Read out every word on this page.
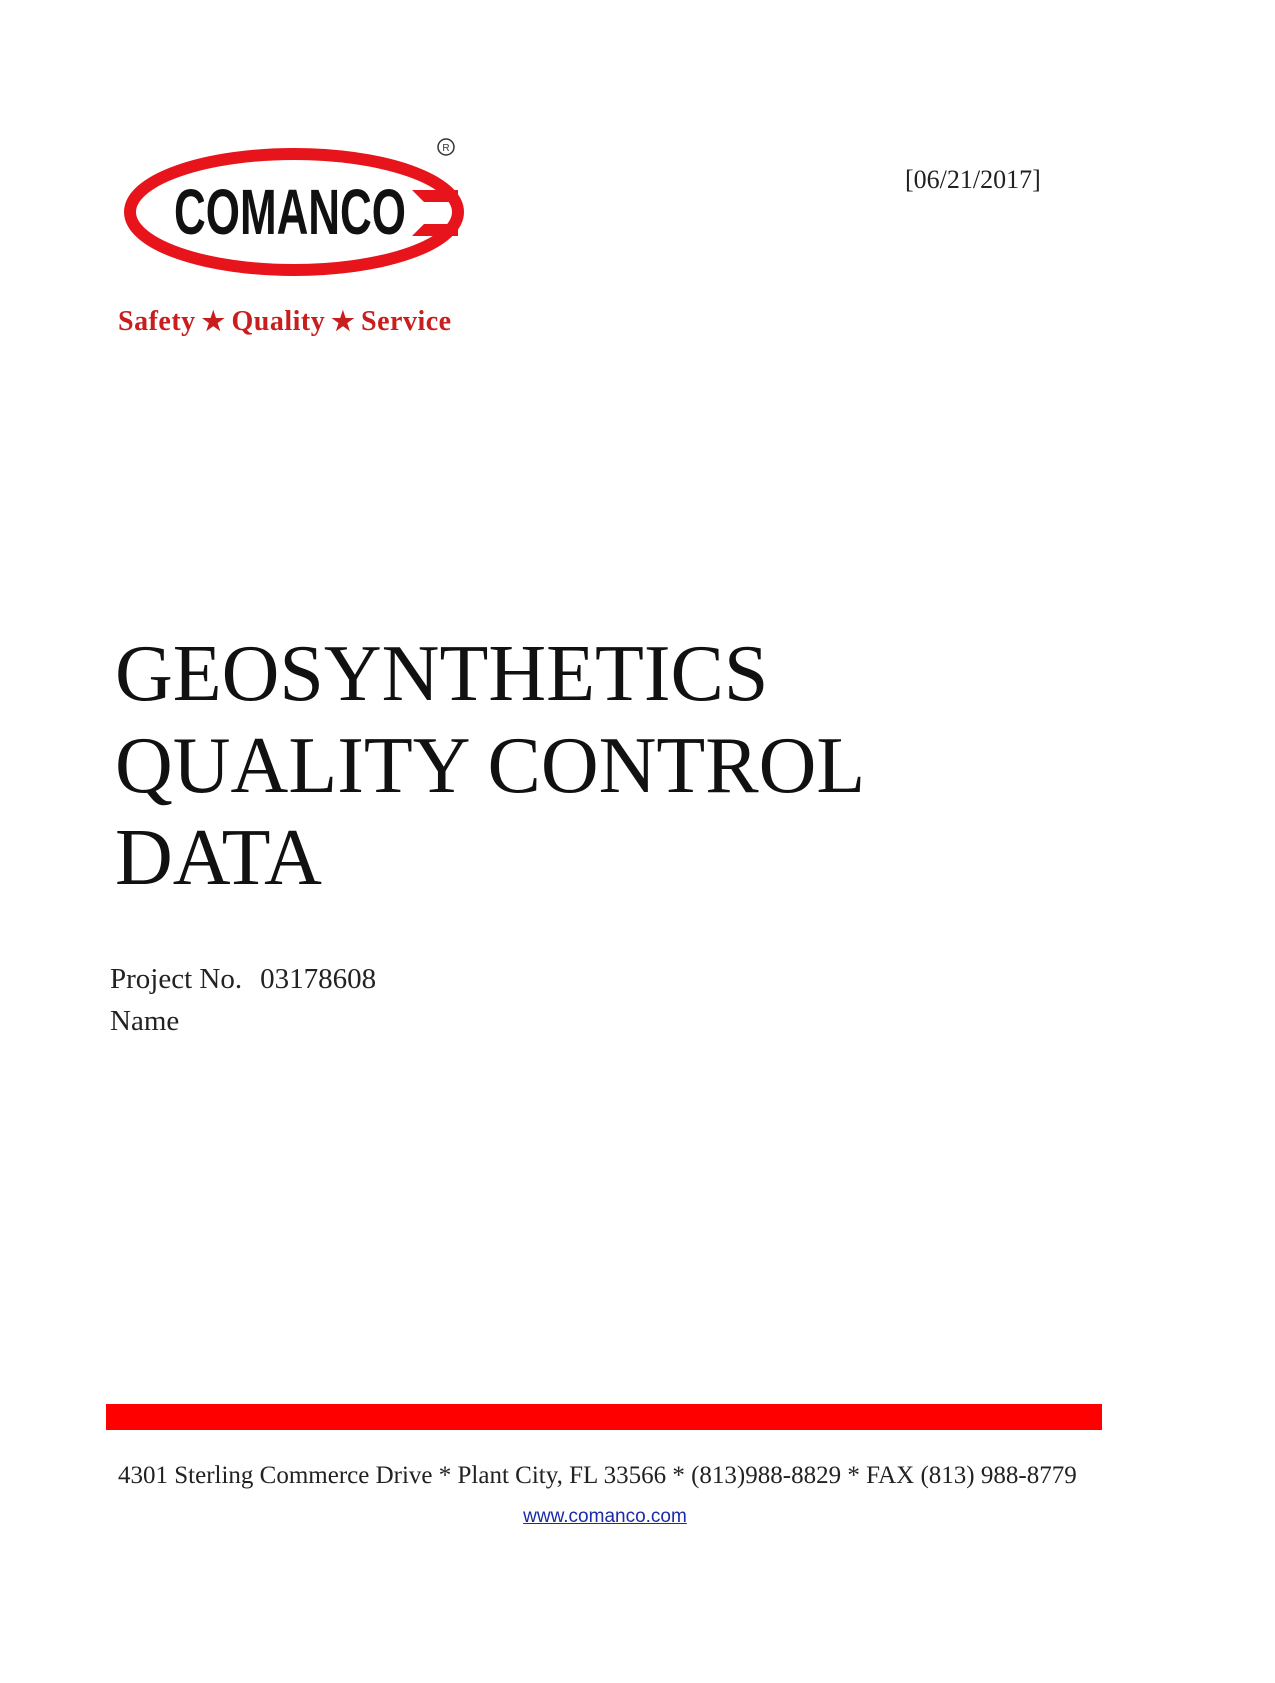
COMANCO
R
Safety ★ Quality ★ Service
[06/21/2017]
GEOSYNTHETICS
QUALITY CONTROL
DATA
Project No. 03178608
Name
4301 Sterling Commerce Drive * Plant City, FL 33566 * (813)988-8829 * FAX (813) 988-8779
www.comanco.com
